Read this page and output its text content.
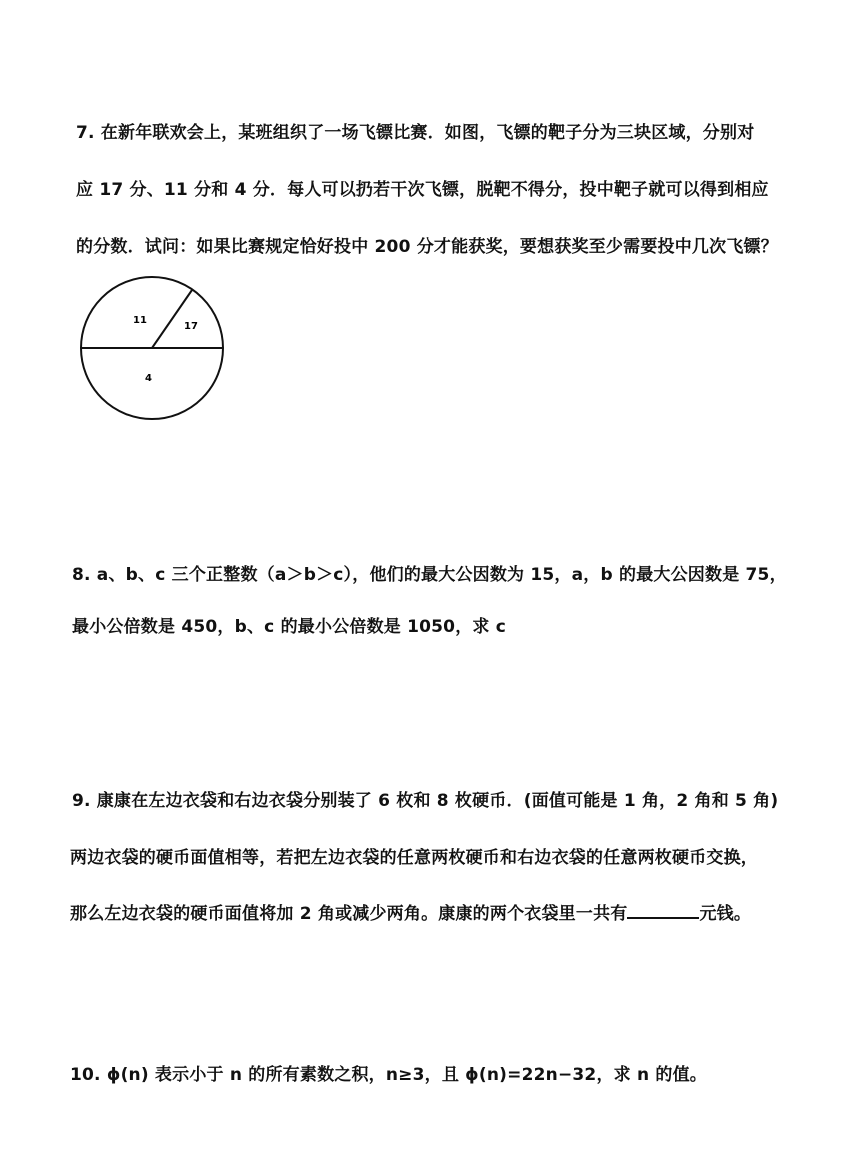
7. 在新年联欢会上，某班组织了一场飞镖比赛．如图，飞镖的靶子分为三块区域，分别对
应 17 分、11 分和 4 分．每人可以扔若干次飞镖，脱靶不得分，投中靶子就可以得到相应
的分数．试问：如果比赛规定恰好投中 200 分才能获奖，要想获奖至少需要投中几次飞镖？
11
17
4
8. a、b、c 三个正整数（a＞b＞c），他们的最大公因数为 15，a，b 的最大公因数是 75，
最小公倍数是 450，b、c 的最小公倍数是 1050，求 c
9. 康康在左边衣袋和右边衣袋分别装了 6 枚和 8 枚硬币．(面值可能是 1 角，2 角和 5 角)
两边衣袋的硬币面值相等，若把左边衣袋的任意两枚硬币和右边衣袋的任意两枚硬币交换，
那么左边衣袋的硬币面值将加 2 角或减少两角。康康的两个衣袋里一共有	元钱。
10. ϕ(n) 表示小于 n 的所有素数之积，n≥3，且 ϕ(n)=22n−32，求 n 的值。
